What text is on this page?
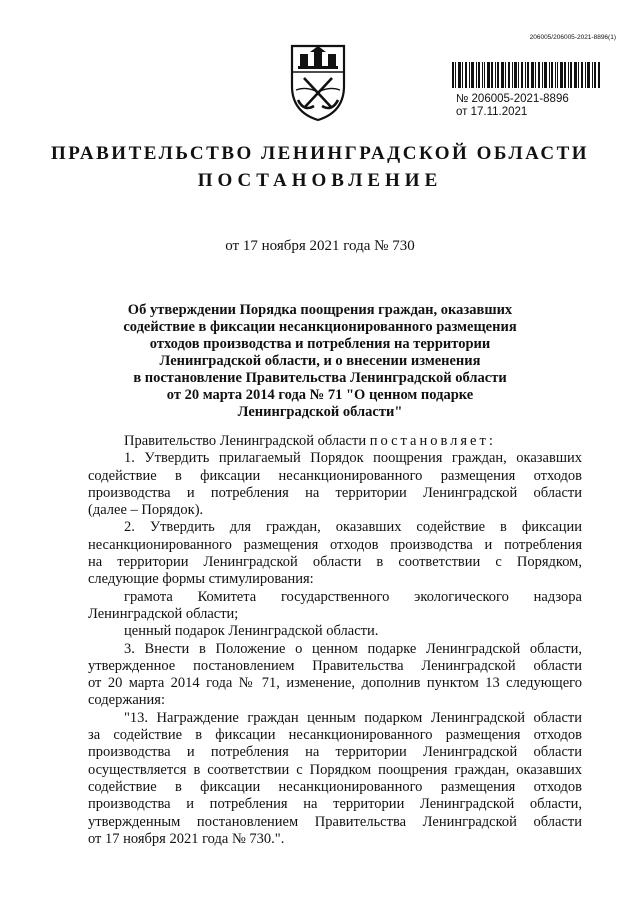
206005/206005-2021-8896(1)
№ 206005-2021-8896
от 17.11.2021
ПРАВИТЕЛЬСТВО ЛЕНИНГРАДСКОЙ ОБЛАСТИ
ПОСТАНОВЛЕНИЕ
от 17 ноября 2021 года № 730
Об утверждении Порядка поощрения граждан, оказавших
содействие в фиксации несанкционированного размещения
отходов производства и потребления на территории
Ленинградской области, и о внесении изменения
в постановление Правительства Ленинградской области
от 20 марта 2014 года № 71 "О ценном подарке
Ленинградской области"
Правительство Ленинградской области постановляет:
1. Утвердить прилагаемый Порядок поощрения граждан, оказавших
содействие в фиксации несанкционированного размещения отходов
производства и потребления на территории Ленинградской области
(далее – Порядок).
2. Утвердить для граждан, оказавших содействие в фиксации
несанкционированного размещения отходов производства и потребления
на территории Ленинградской области в соответствии с Порядком,
следующие формы стимулирования:
грамота Комитета государственного экологического надзора
Ленинградской области;
ценный подарок Ленинградской области.
3. Внести в Положение о ценном подарке Ленинградской области,
утвержденное постановлением Правительства Ленинградской области
от 20 марта 2014 года № 71, изменение, дополнив пунктом 13 следующего
содержания:
"13. Награждение граждан ценным подарком Ленинградской области
за содействие в фиксации несанкционированного размещения отходов
производства и потребления на территории Ленинградской области
осуществляется в соответствии с Порядком поощрения граждан, оказавших
содействие в фиксации несанкционированного размещения отходов
производства и потребления на территории Ленинградской области,
утвержденным постановлением Правительства Ленинградской области
от 17 ноября 2021 года № 730.".
